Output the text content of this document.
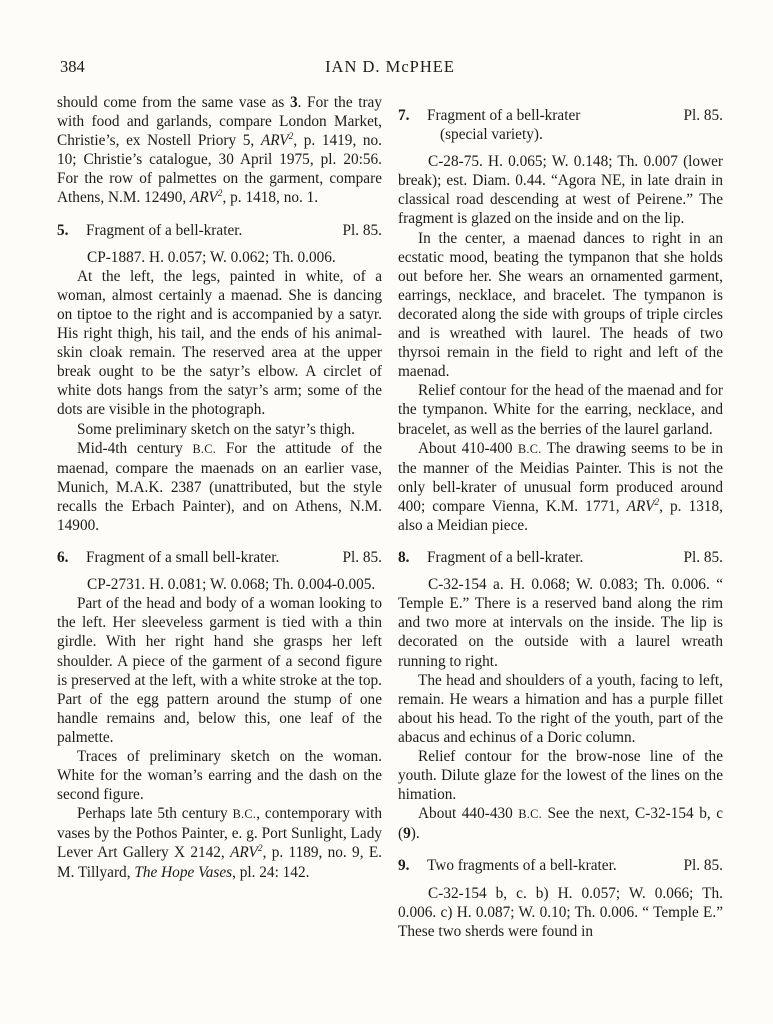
384	IAN D. McPHEE

should come from the same vase as 3. For the tray with food and garlands, compare London Market, Christie’s, ex Nostell Priory 5, ARV$^2$, p. 1419, no. 10; Christie’s catalogue, 30 April 1975, pl. 20:56. For the row of palmettes on the garment, compare Athens, N.M. 12490, ARV$^2$, p. 1418, no. 1.

5.	Fragment of a bell-krater.	Pl. 85.

CP-1887. H. 0.057; W. 0.062; Th. 0.006.

At the left, the legs, painted in white, of a woman, almost certainly a maenad. She is dancing on tiptoe to the right and is accompanied by a satyr. His right thigh, his tail, and the ends of his animal-skin cloak remain. The reserved area at the upper break ought to be the satyr’s elbow. A circlet of white dots hangs from the satyr’s arm; some of the dots are visible in the photograph.

Some preliminary sketch on the satyr’s thigh.

Mid-4th century B.C. For the attitude of the maenad, compare the maenads on an earlier vase, Munich, M.A.K. 2387 (unattributed, but the style recalls the Erbach Painter), and on Athens, N.M. 14900.

6.	Fragment of a small bell-krater.	Pl. 85.

CP-2731. H. 0.081; W. 0.068; Th. 0.004-0.005.

Part of the head and body of a woman looking to the left. Her sleeveless garment is tied with a thin girdle. With her right hand she grasps her left shoulder. A piece of the garment of a second figure is preserved at the left, with a white stroke at the top. Part of the egg pattern around the stump of one handle remains and, below this, one leaf of the palmette.

Traces of preliminary sketch on the woman. White for the woman’s earring and the dash on the second figure.

Perhaps late 5th century B.C., contemporary with vases by the Pothos Painter, e. g. Port Sunlight, Lady Lever Art Gallery X 2142, ARV$^2$, p. 1189, no. 9, E. M. Tillyard, The Hope Vases, pl. 24: 142.

7.	Fragment of a bell-krater	Pl. 85.
(special variety).

C-28-75. H. 0.065; W. 0.148; Th. 0.007 (lower break); est. Diam. 0.44. “Agora NE, in late drain in classical road descending at west of Peirene.” The fragment is glazed on the inside and on the lip.

In the center, a maenad dances to right in an ecstatic mood, beating the tympanon that she holds out before her. She wears an ornamented garment, earrings, necklace, and bracelet. The tympanon is decorated along the side with groups of triple circles and is wreathed with laurel. The heads of two thyrsoi remain in the field to right and left of the maenad.

Relief contour for the head of the maenad and for the tympanon. White for the earring, necklace, and bracelet, as well as the berries of the laurel garland.

About 410-400 B.C. The drawing seems to be in the manner of the Meidias Painter. This is not the only bell-krater of unusual form produced around 400; compare Vienna, K.M. 1771, ARV$^2$, p. 1318, also a Meidian piece.

8.	Fragment of a bell-krater.	Pl. 85.

C-32-154 a. H. 0.068; W. 0.083; Th. 0.006. “ Temple E.” There is a reserved band along the rim and two more at intervals on the inside. The lip is decorated on the outside with a laurel wreath running to right.

The head and shoulders of a youth, facing to left, remain. He wears a himation and has a purple fillet about his head. To the right of the youth, part of the abacus and echinus of a Doric column.

Relief contour for the brow-nose line of the youth. Dilute glaze for the lowest of the lines on the himation.

About 440-430 B.C. See the next, C-32-154 b, c (9).

9.	Two fragments of a bell-krater.	Pl. 85.

C-32-154 b, c. b) H. 0.057; W. 0.066; Th. 0.006. c) H. 0.087; W. 0.10; Th. 0.006. “ Temple E.” These two sherds were found in
